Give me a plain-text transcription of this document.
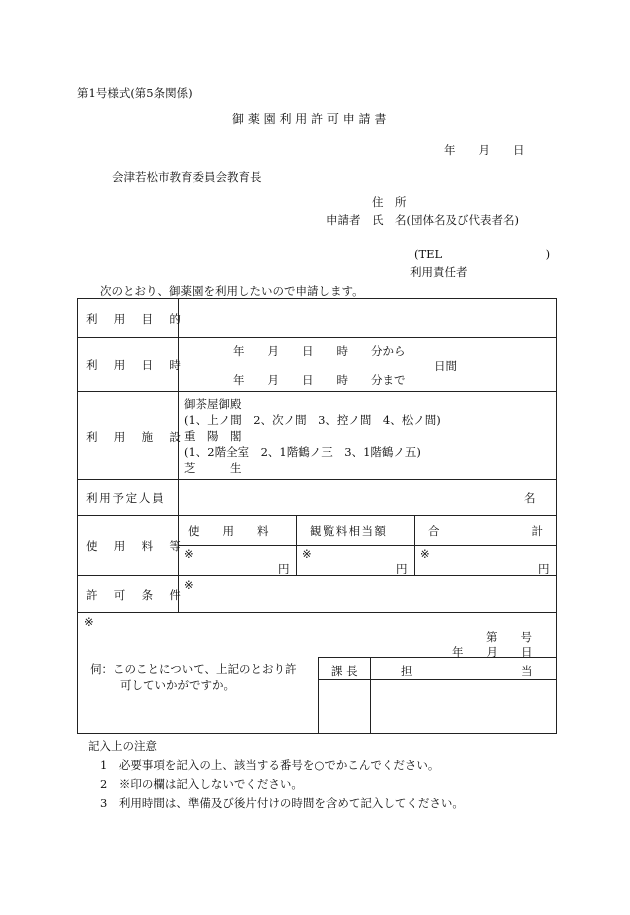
第1号様式(第5条関係)
御 薬 園 利 用 許 可 申 請 書
年　　月　　日
会津若松市教育委員会教育長
住　所
申請者 氏　名(団体名及び代表者名)
(TEL　　　　　　　　　)
利用責任者
次のとおり、御薬園を利用したいので申請します。
利 用 目 的
利 用 日 時
年　　月　　日　　時　　分から
日間
年　　月　　日　　時　　分まで
利 用 施 設
御茶屋御殿
(1、上ノ間　2、次ノ間　3、控ノ間　4、松ノ間)
重　陽　閣
(1、2階全室　2、1階鶴ノ三　3、1階鶴ノ五)
芝　　　生
利用予定人員	名
使 用 料 等
使　　用　　料	観覧料相当額	合　　　　　　　　計
※	※	※
円	円	円
許 可 条 件
※
※
第　　号
年　　月　　日
伺：このことについて、上記のとおり許
可していかがですか。
課 長	担	当
記入上の注意
1　必要事項を記入の上、該当する番号を○でかこんでください。
2　※印の欄は記入しないでください。
3　利用時間は、準備及び後片付けの時間を含めて記入してください。
